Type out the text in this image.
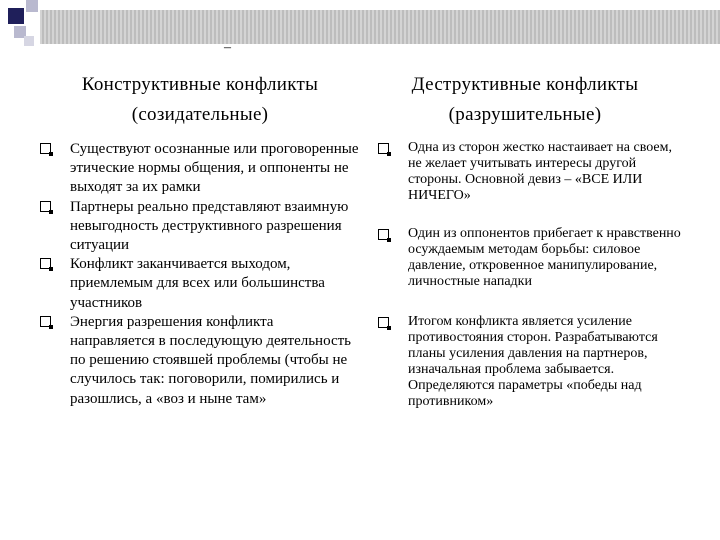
–
Конструктивные конфликты
(созидательные)
Деструктивные конфликты
(разрушительные)
Существуют осознанные или проговоренные этические нормы общения, и оппоненты не выходят за их рамки
Партнеры реально представляют взаимную невыгодность деструктивного разрешения ситуации
Конфликт заканчивается выходом, приемлемым для всех или большинства участников
Энергия разрешения конфликта направляется в последующую деятельность по решению стоявшей проблемы (чтобы не случилось так: поговорили, помирились и разошлись, а «воз и ныне там»
Одна из сторон жестко настаивает на своем, не желает учитывать интересы другой стороны. Основной девиз – «ВСЕ ИЛИ НИЧЕГО»
Один из оппонентов прибегает к нравственно осуждаемым методам борьбы: силовое давление, откровенное манипулирование, личностные нападки
Итогом конфликта является усиление противостояния сторон. Разрабатываются планы усиления давления на партнеров, изначальная проблема забывается. Определяются параметры «победы над противником»
